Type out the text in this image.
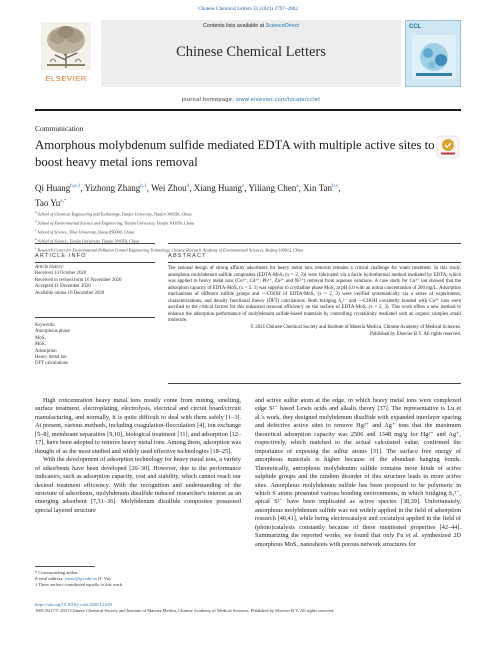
Chinese Chemical Letters 32 (2021) 2797–2802
ELSEVIER
Contents lists available at ScienceDirect
Chinese Chemical Letters
CCL
journal homepage: www.elsevier.com/locate/cclet
Communication
Amorphous molybdenum sulfide mediated EDTA with multiple active sites to boost heavy metal ions removal
Qi Huang$^{b,e,1}$, Yizhong Zhang$^{b,1}$, Wei Zhou$^d$, Xiang Huang$^c$, Yiliang Chen$^a$, Xin Tan$^{b,c}$,
Tao $Yu^{a,*}$
$^a$ School of Chemical Engineering and Technology, Tianjin University, Tianjin 300350, China
$^b$ School of Environmental Science and Engineering, Tianjin University, Tianjin 300350, China
$^c$ School of Science, Tibet University, Lhasa 850000, China
$^d$ School of Science, Tianjin University, Tianjin 300350, China
$^e$ Research Center for Environmental Pollution Control Engineering Technology, Chinese Research Academy of Environmental Sciences, Beijing 100012, China
ARTICLE INFO
Article history:
Received 14 October 2020
Received in revised form 16 November 2020
Accepted 11 December 2020
Available online 16 December 2020
Keywords:
Amorphous phase
MoSₓ
MoSₓ
Adsorption
Heavy metal ion
DFT calculations
ABSTRACT
The rational design of strong affinity adsorbents for heavy metal ions removal remains a critical challenge for water treatment. In this study, amorphous molybdenum sulfide composites (EDTA-MoSₓ (x = 2, 3)) were fabricated via a facile hydrothermal method mediated by EDTA, which was applied to heavy metal ions (Cu²⁺, Cd²⁺, Pb²⁺, Zn²⁺ and Ni²⁺) removal from aqueous solutions. A case study for Cu²⁺ ion showed that the adsorption capacity of EDTA-MoSₓ (x = 2, 3) was superior to crystalline phase MoS₂ at pH 6.0 with an initial concentration of 200 mg/L. Adsorption mechanisms of different sulfide groups and —COOH of EDTA-MoSₓ (x = 2, 3) were verified systematically via a series of experiments, characterizations, and density functional theory (DFT) calculations. Both bridging S₂²⁻ and —COOH covalently bonded with Cu²⁺ ions were ascribed to the critical factors for this enhanced removal efficiency on the surface of EDTA-MoSₓ (x = 2, 3). This work offers a new method to enhance the adsorption performance of molybdenum sulfide-based materials by controlling crystallinity mediated with an organic complex small molecule.
© 2021 Chinese Chemical Society and Institute of Materia Medica, Chinese Academy of Medical Sciences.
Published by Elsevier B.V. All rights reserved.

High concentration heavy metal ions mostly come from mining, smelting, surface treatment, electroplating, electrolysis, electrical and circuit board/circuit manufacturing, and normally, it is quite difficult to deal with them safely [1–3]. At present, various methods, including coagulation-flocculation [4], ion exchange [5–8], membrane separation [9,10], biological treatment [11], and adsorption [12–17], have been adopted to remove heavy metal ions. Among them, adsorption was thought of as the most studied and widely used effective technologies [18–25].

With the development of adsorption technology for heavy metal ions, a variety of adsorbents have been developed [26–30]. However, due to the performance indicators, such as adsorption capacity, cost and stability, which cannot reach our desired treatment efficiency. With the recognition and understanding of the structure of adsorbents, molybdenum disulfide induced researcher's interest as an emerging adsorbent [7,31–36]. Molybdenum disulfide composites possessed special layered structure

and active sulfur atom at the edge, in which heavy metal ions were complexed edge S²⁻ based Lewis acids and alkalis theory [37]. The representative is Lu et al.'s work, they designed molybdenum disulfide with expanded interlayer spacing and defective active sites to remove Hg²⁺ and Ag⁺ ions that the maximum theoretical adsorption capacity was 2506 and 1348 mg/g for Hg²⁺ and Ag⁺, respectively, which matched to the actual calculated value, confirmed the importance of exposing the sulfur atoms [31]. The surface free energy of amorphous materials is higher because of the abundant hanging bonds. Theoretically, amorphous molybdenum sulfide contains more kinds of active sulphide groups and the random disorder of this structure leads to more active sites. Amorphous molybdenum sulfide has been proposed to be polymeric in which S atoms presented various bonding environments, in which bridging S₂²⁻, apical S²⁻ have been implicated as active species [38,39]. Unfortunately, amorphous molybdenum sulfide was not widely applied in the field of adsorption research [40,41], while being electrocatalyst and cocatalyst applied in the field of (photo)catalysis constantly because of these mentioned properties [42–44]. Summarizing the reported works, we found that only Fu et al. synthesized 2D amorphous MoS₃ nanosheets with porous network structures for

* Corresponding author.
E-mail address: yutao@tju.edu.cn (T. Yu).
1 These authors contributed equally to this work.
https://doi.org/10.1016/j.cclet.2020.12.020
1001-8417/© 2021 Chinese Chemical Society and Institute of Materia Medica, Chinese Academy of Medical Sciences. Published by Elsevier B.V. All rights reserved.
